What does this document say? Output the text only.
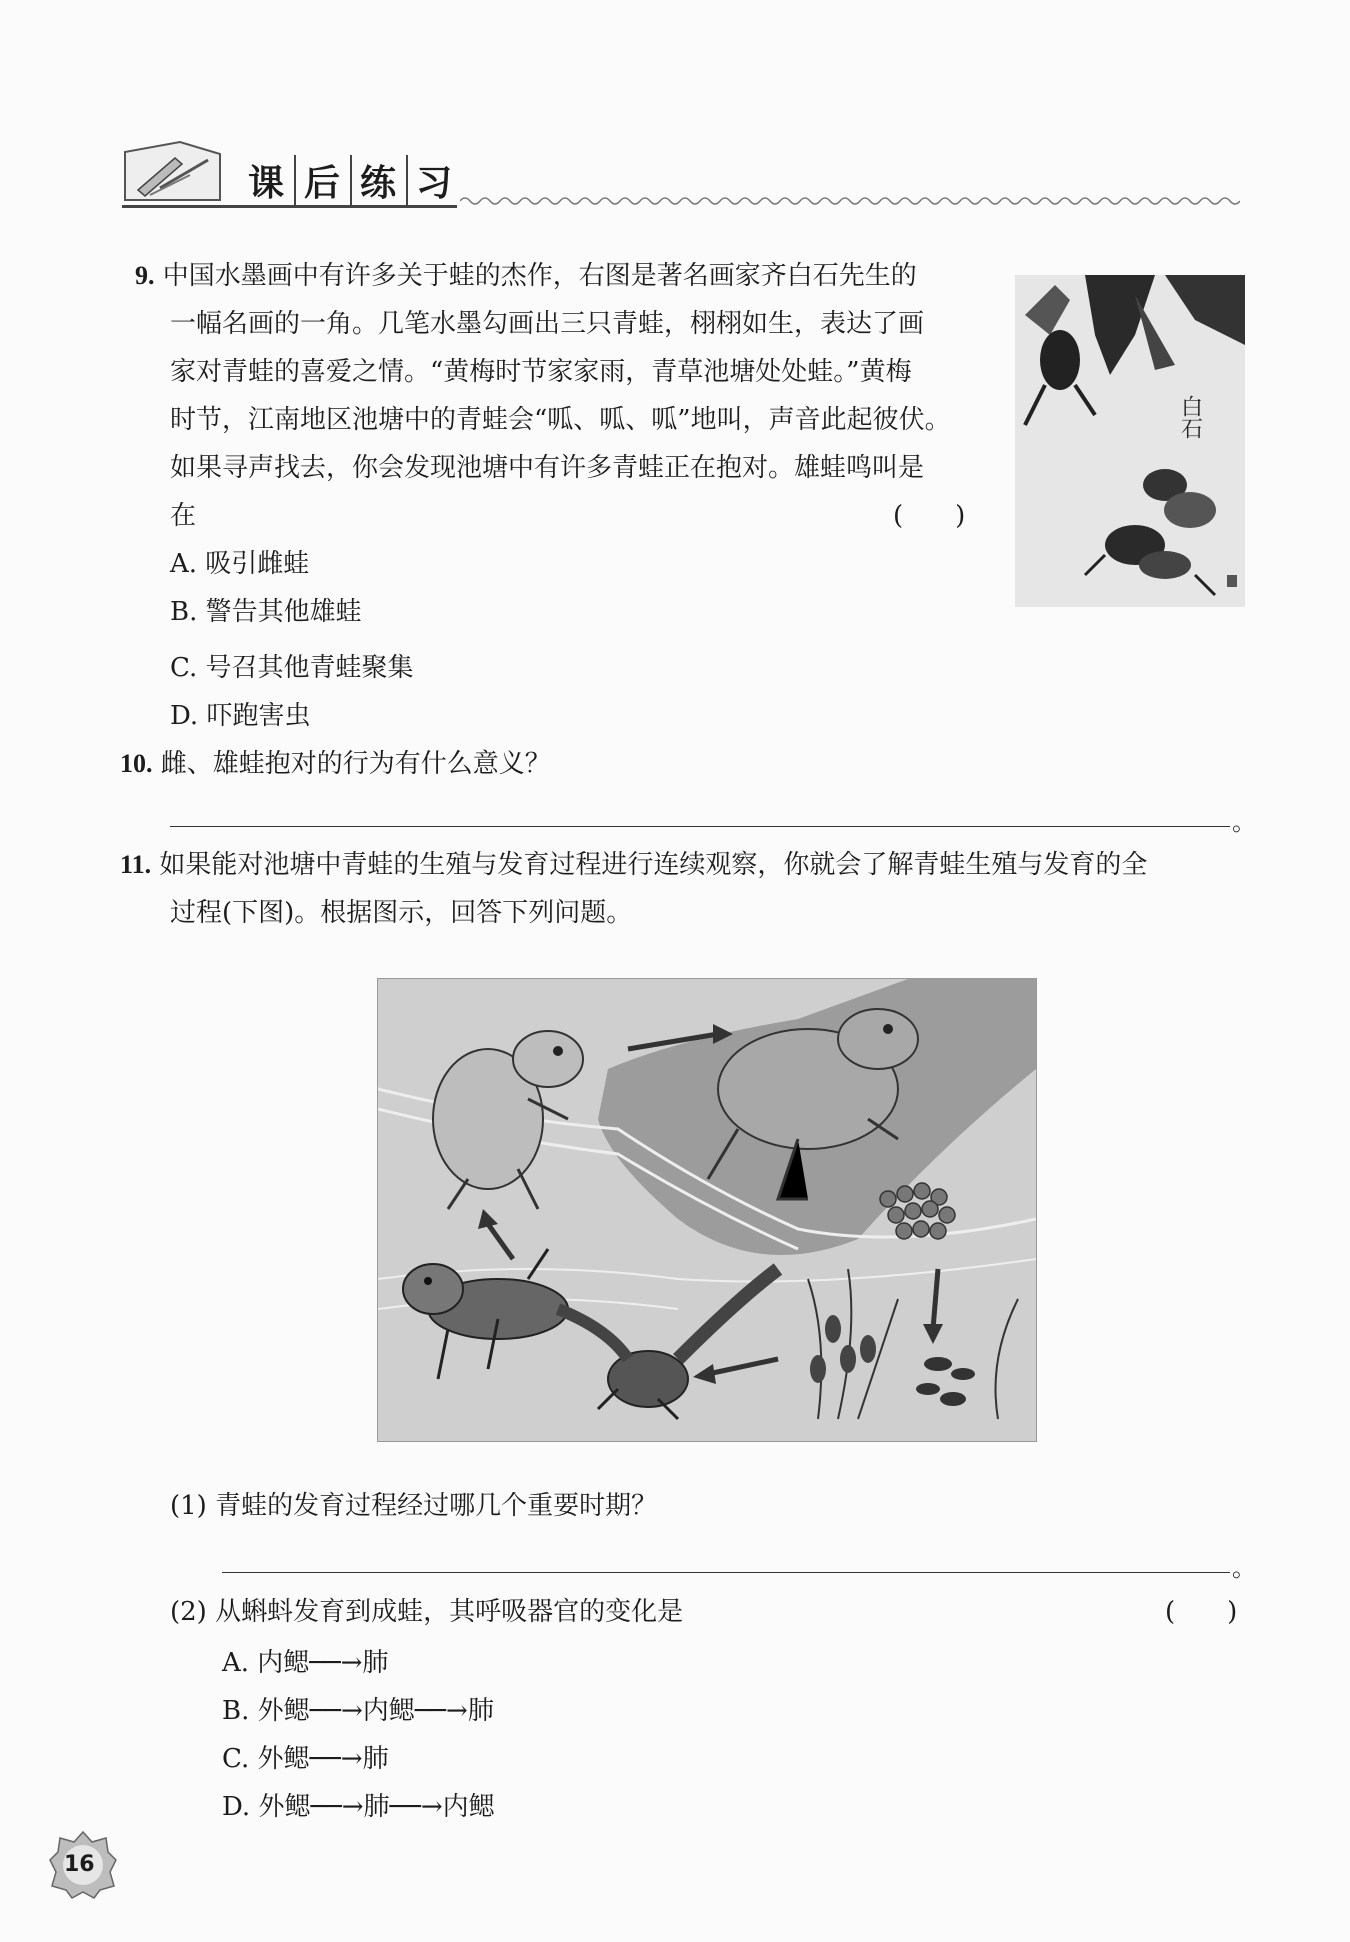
课 后 练 习
9. 中国水墨画中有许多关于蛙的杰作，右图是著名画家齐白石先生的
一幅名画的一角。几笔水墨勾画出三只青蛙，栩栩如生，表达了画
家对青蛙的喜爱之情。“黄梅时节家家雨，青草池塘处处蛙。”黄梅
时节，江南地区池塘中的青蛙会“呱、呱、呱”地叫，声音此起彼伏。
如果寻声找去，你会发现池塘中有许多青蛙正在抱对。雄蛙鸣叫是
在	(　　)
A. 吸引雌蛙
B. 警告其他雄蛙
C. 号召其他青蛙聚集
D. 吓跑害虫
白石
10. 雌、雄蛙抱对的行为有什么意义？
。
11. 如果能对池塘中青蛙的生殖与发育过程进行连续观察，你就会了解青蛙生殖与发育的全
过程(下图)。根据图示，回答下列问题。
(1) 青蛙的发育过程经过哪几个重要时期？
。
(2) 从蝌蚪发育到成蛙，其呼吸器官的变化是	(　　)
A. 内鳃──→肺
B. 外鳃──→内鳃──→肺
C. 外鳃──→肺
D. 外鳃──→肺──→内鳃
16
